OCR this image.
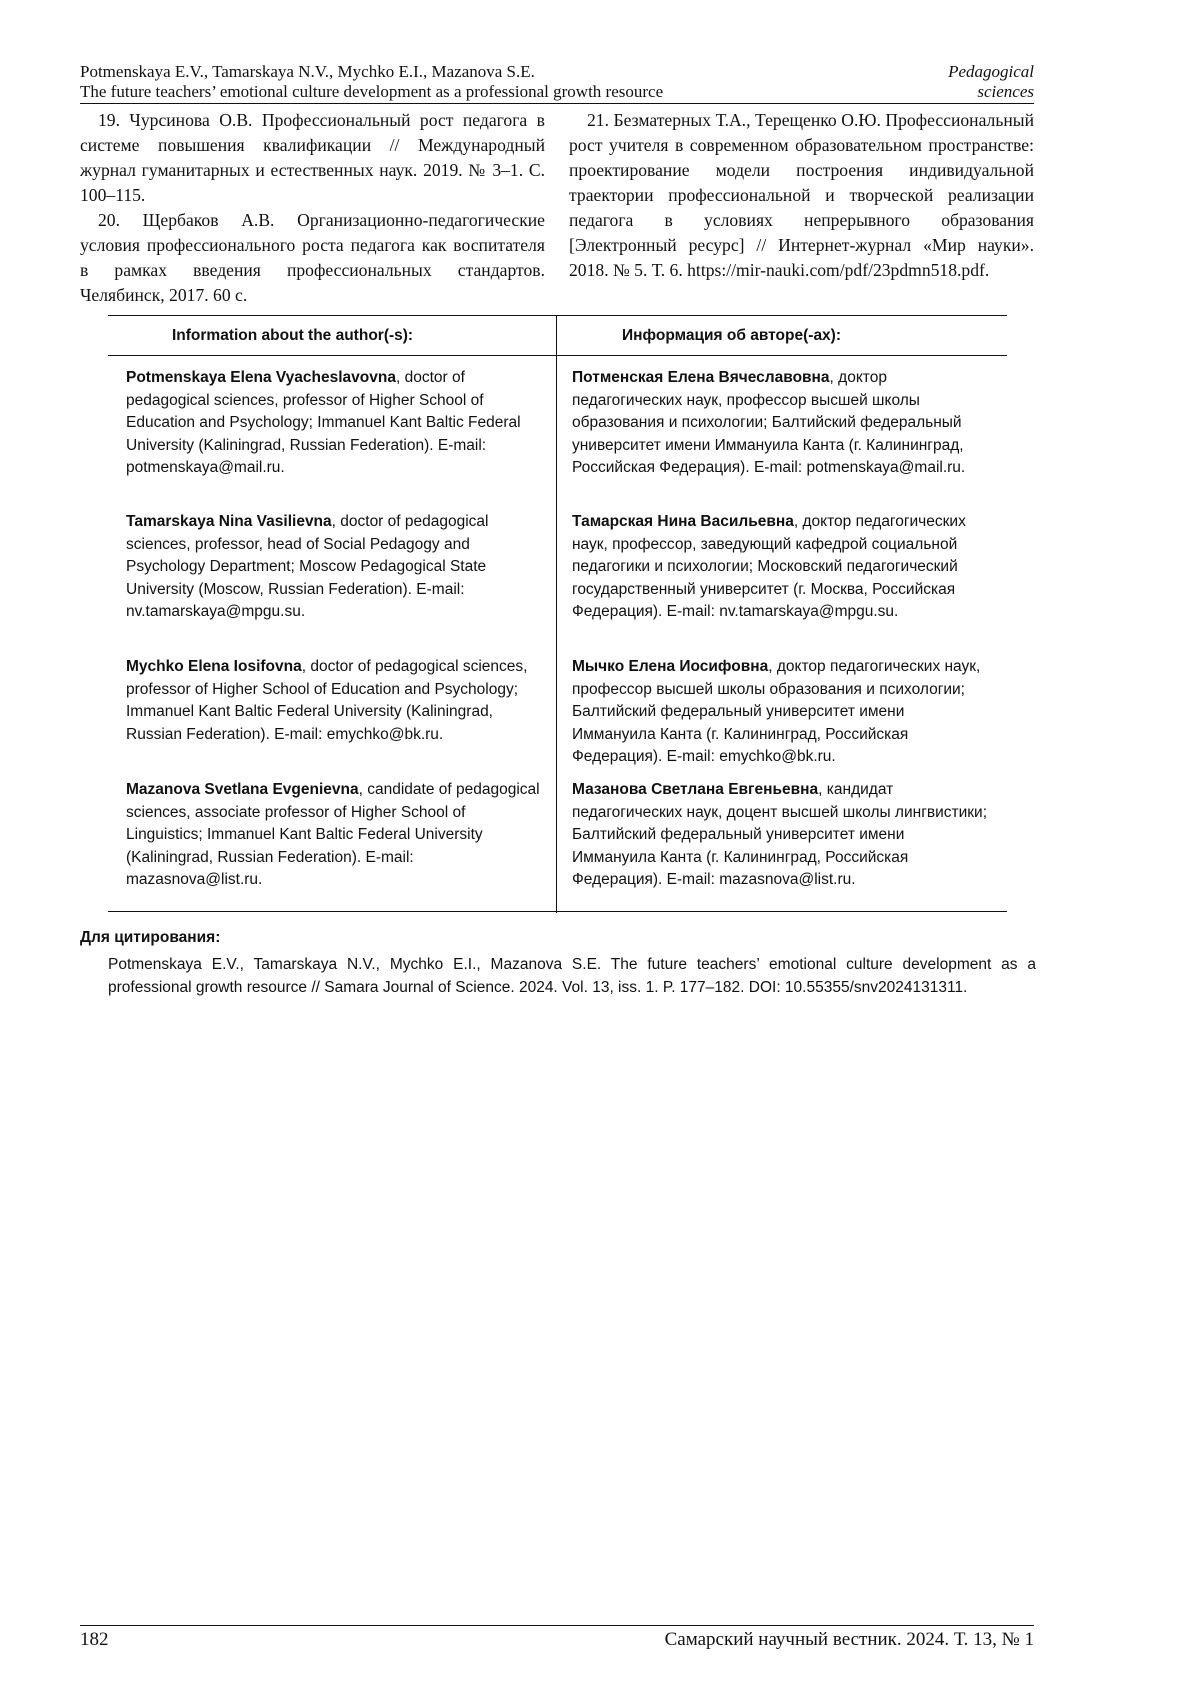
Potmenskaya E.V., Tamarskaya N.V., Mychko E.I., Mazanova S.E.
The future teachers’ emotional culture development as a professional growth resource
Pedagogical
sciences

19. Чурсинова О.В. Профессиональный рост педагога в системе повышения квалификации // Международный журнал гуманитарных и естественных наук. 2019. № 3–1. С. 100–115.

20. Щербаков А.В. Организационно-педагогические условия профессионального роста педагога как воспитателя в рамках введения профессиональных стандартов. Челябинск, 2017. 60 с.

21. Безматерных Т.А., Терещенко О.Ю. Профессиональный рост учителя в современном образовательном пространстве: проектирование модели построения индивидуальной траектории профессиональной и творческой реализации педагога в условиях непрерывного образования [Электронный ресурс] // Интернет-журнал «Мир науки». 2018. № 5. Т. 6. https://mir-nauki.com/pdf/23pdmn518.pdf.

Information about the author(-s):	Информация об авторе(-ах):
Potmenskaya Elena Vyacheslavovna, doctor of pedagogical sciences, professor of Higher School of Education and Psychology; Immanuel Kant Baltic Federal University (Kaliningrad, Russian Federation). E-mail: potmenskaya@mail.ru.
Потменская Елена Вячеславовна, доктор педагогических наук, профессор высшей школы образования и психологии; Балтийский федеральный университет имени Иммануила Канта (г. Калининград, Российская Федерация). E-mail: potmenskaya@mail.ru.
Tamarskaya Nina Vasilievna, doctor of pedagogical sciences, professor, head of Social Pedagogy and Psychology Department; Moscow Pedagogical State University (Moscow, Russian Federation). E-mail: nv.tamarskaya@mpgu.su.
Тамарская Нина Васильевна, доктор педагогических наук, профессор, заведующий кафедрой социальной педагогики и психологии; Московский педагогический государственный университет (г. Москва, Российская Федерация). E-mail: nv.tamarskaya@mpgu.su.
Mychko Elena Iosifovna, doctor of pedagogical sciences, professor of Higher School of Education and Psychology; Immanuel Kant Baltic Federal University (Kaliningrad, Russian Federation). E-mail: emychko@bk.ru.
Мычко Елена Иосифовна, доктор педагогических наук, профессор высшей школы образования и психологии; Балтийский федеральный университет имени Иммануила Канта (г. Калининград, Российская Федерация). E-mail: emychko@bk.ru.
Mazanova Svetlana Evgenievna, candidate of pedagogical sciences, associate professor of Higher School of Linguistics; Immanuel Kant Baltic Federal University (Kaliningrad, Russian Federation). E-mail: mazasnova@list.ru.
Мазанова Светлана Евгеньевна, кандидат педагогических наук, доцент высшей школы лингвистики; Балтийский федеральный университет имени Иммануила Канта (г. Калининград, Российская Федерация). E-mail: mazasnova@list.ru.
Для цитирования:
Potmenskaya E.V., Tamarskaya N.V., Mychko E.I., Mazanova S.E. The future teachers’ emotional culture development as a professional growth resource // Samara Journal of Science. 2024. Vol. 13, iss. 1. P. 177–182. DOI: 10.55355/snv2024131311.
182	Самарский научный вестник. 2024. Т. 13, № 1
